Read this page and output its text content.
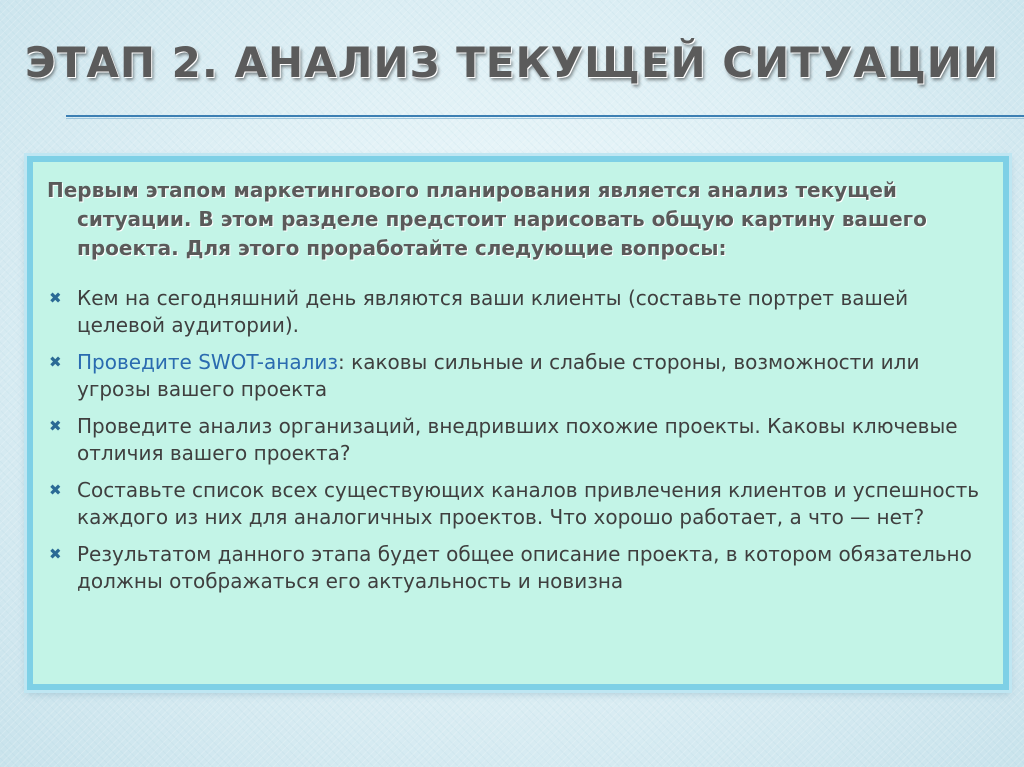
ЭТАП 2. АНАЛИЗ ТЕКУЩЕЙ СИТУАЦИИ

Первым этапом маркетингового планирования является анализ текущей ситуации. В этом разделе предстоит нарисовать общую картину вашего проекта. Для этого проработайте следующие вопросы:

✖ Кем на сегодняшний день являются ваши клиенты (составьте портрет вашей целевой аудитории).
✖ Проведите SWOT-анализ: каковы сильные и слабые стороны, возможности или угрозы вашего проекта
✖ Проведите анализ организаций, внедривших похожие проекты. Каковы ключевые отличия вашего проекта?
✖ Составьте список всех существующих каналов привлечения клиентов и успешность каждого из них для аналогичных проектов. Что хорошо работает, а что — нет?
✖ Результатом данного этапа будет общее описание проекта, в котором обязательно должны отображаться его актуальность и новизна
